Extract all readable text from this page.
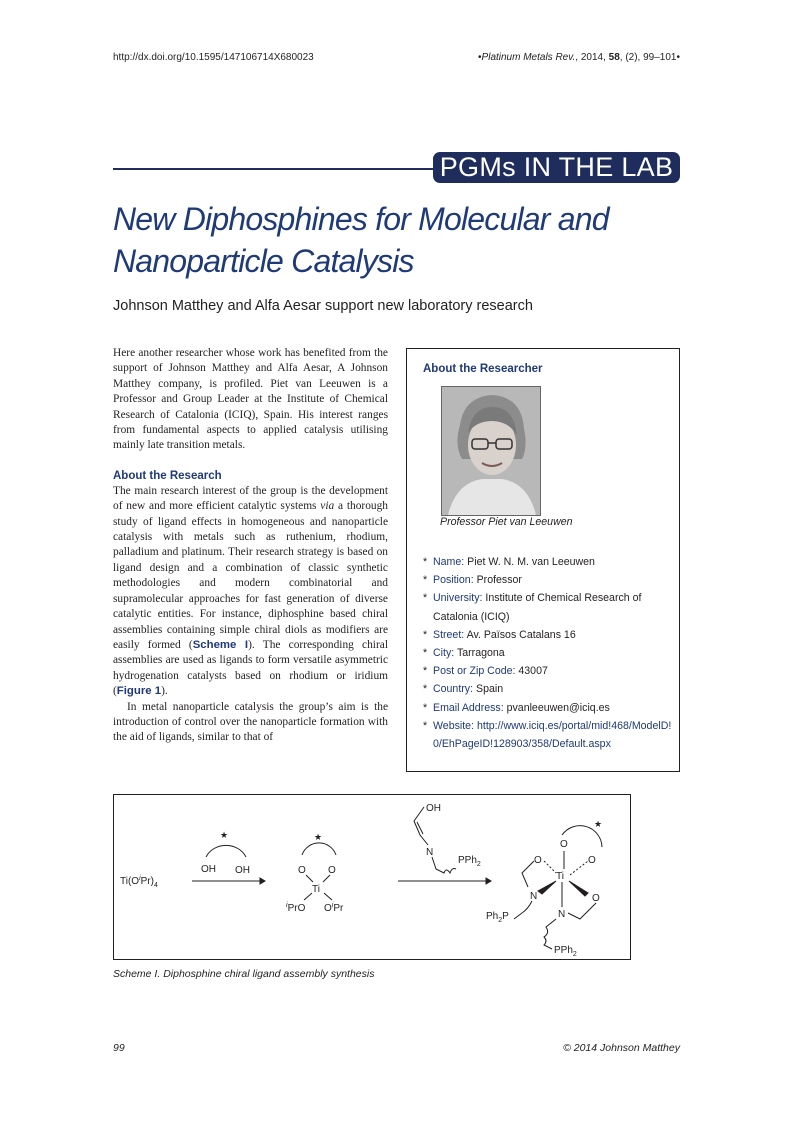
http://dx.doi.org/10.1595/147106714X680023	•Platinum Metals Rev., 2014, 58, (2), 99–101•
PGMs IN THE LAB
New Diphosphines for Molecular and
Nanoparticle Catalysis
Johnson Matthey and Alfa Aesar support new laboratory research

Here another researcher whose work has benefited from the support of Johnson Matthey and Alfa Aesar, A Johnson Matthey company, is profiled. Piet van Leeuwen is a Professor and Group Leader at the Institute of Chemical Research of Catalonia (ICIQ), Spain. His interest ranges from fundamental aspects to applied catalysis utilising mainly late transition metals.

About the Research

The main research interest of the group is the development of new and more efficient catalytic systems via a thorough study of ligand effects in homogeneous and nanoparticle catalysis with metals such as ruthenium, rhodium, palladium and platinum. Their research strategy is based on ligand design and a combination of classic synthetic methodologies and modern combinatorial and supramolecular approaches for fast generation of diverse catalytic entities. For instance, diphosphine based chiral assemblies containing simple chiral diols as modifiers are easily formed (Scheme I). The corresponding chiral assemblies are used as ligands to form versatile asymmetric hydrogenation catalysts based on rhodium or iridium (Figure 1).

In metal nanoparticle catalysis the group’s aim is the introduction of control over the nanoparticle formation with the aid of ligands, similar to that of

About the Researcher
Professor Piet van Leeuwen
* Name: Piet W. N. M. van Leeuwen
* Position: Professor
* University: Institute of Chemical Research of Catalonia (ICIQ)
* Street: Av. Països Catalans 16
* City: Tarragona
* Post or Zip Code: 43007
* Country: Spain
* Email Address: pvanleeuwen@iciq.es
* Website: http://www.iciq.es/portal/mid!468/ModelD!0/EhPageID!128903/358/Default.aspx
$Ti(O^iPr)_4$
★
OH OH
★
O O
Ti
$^i$PrO $O^iPr$
OH
N
PPh$_2$
★
O
O
O
Ti
N	O
N
$Ph_2P$
PPh$_2$
Scheme I. Diphosphine chiral ligand assembly synthesis
99	© 2014 Johnson Matthey
